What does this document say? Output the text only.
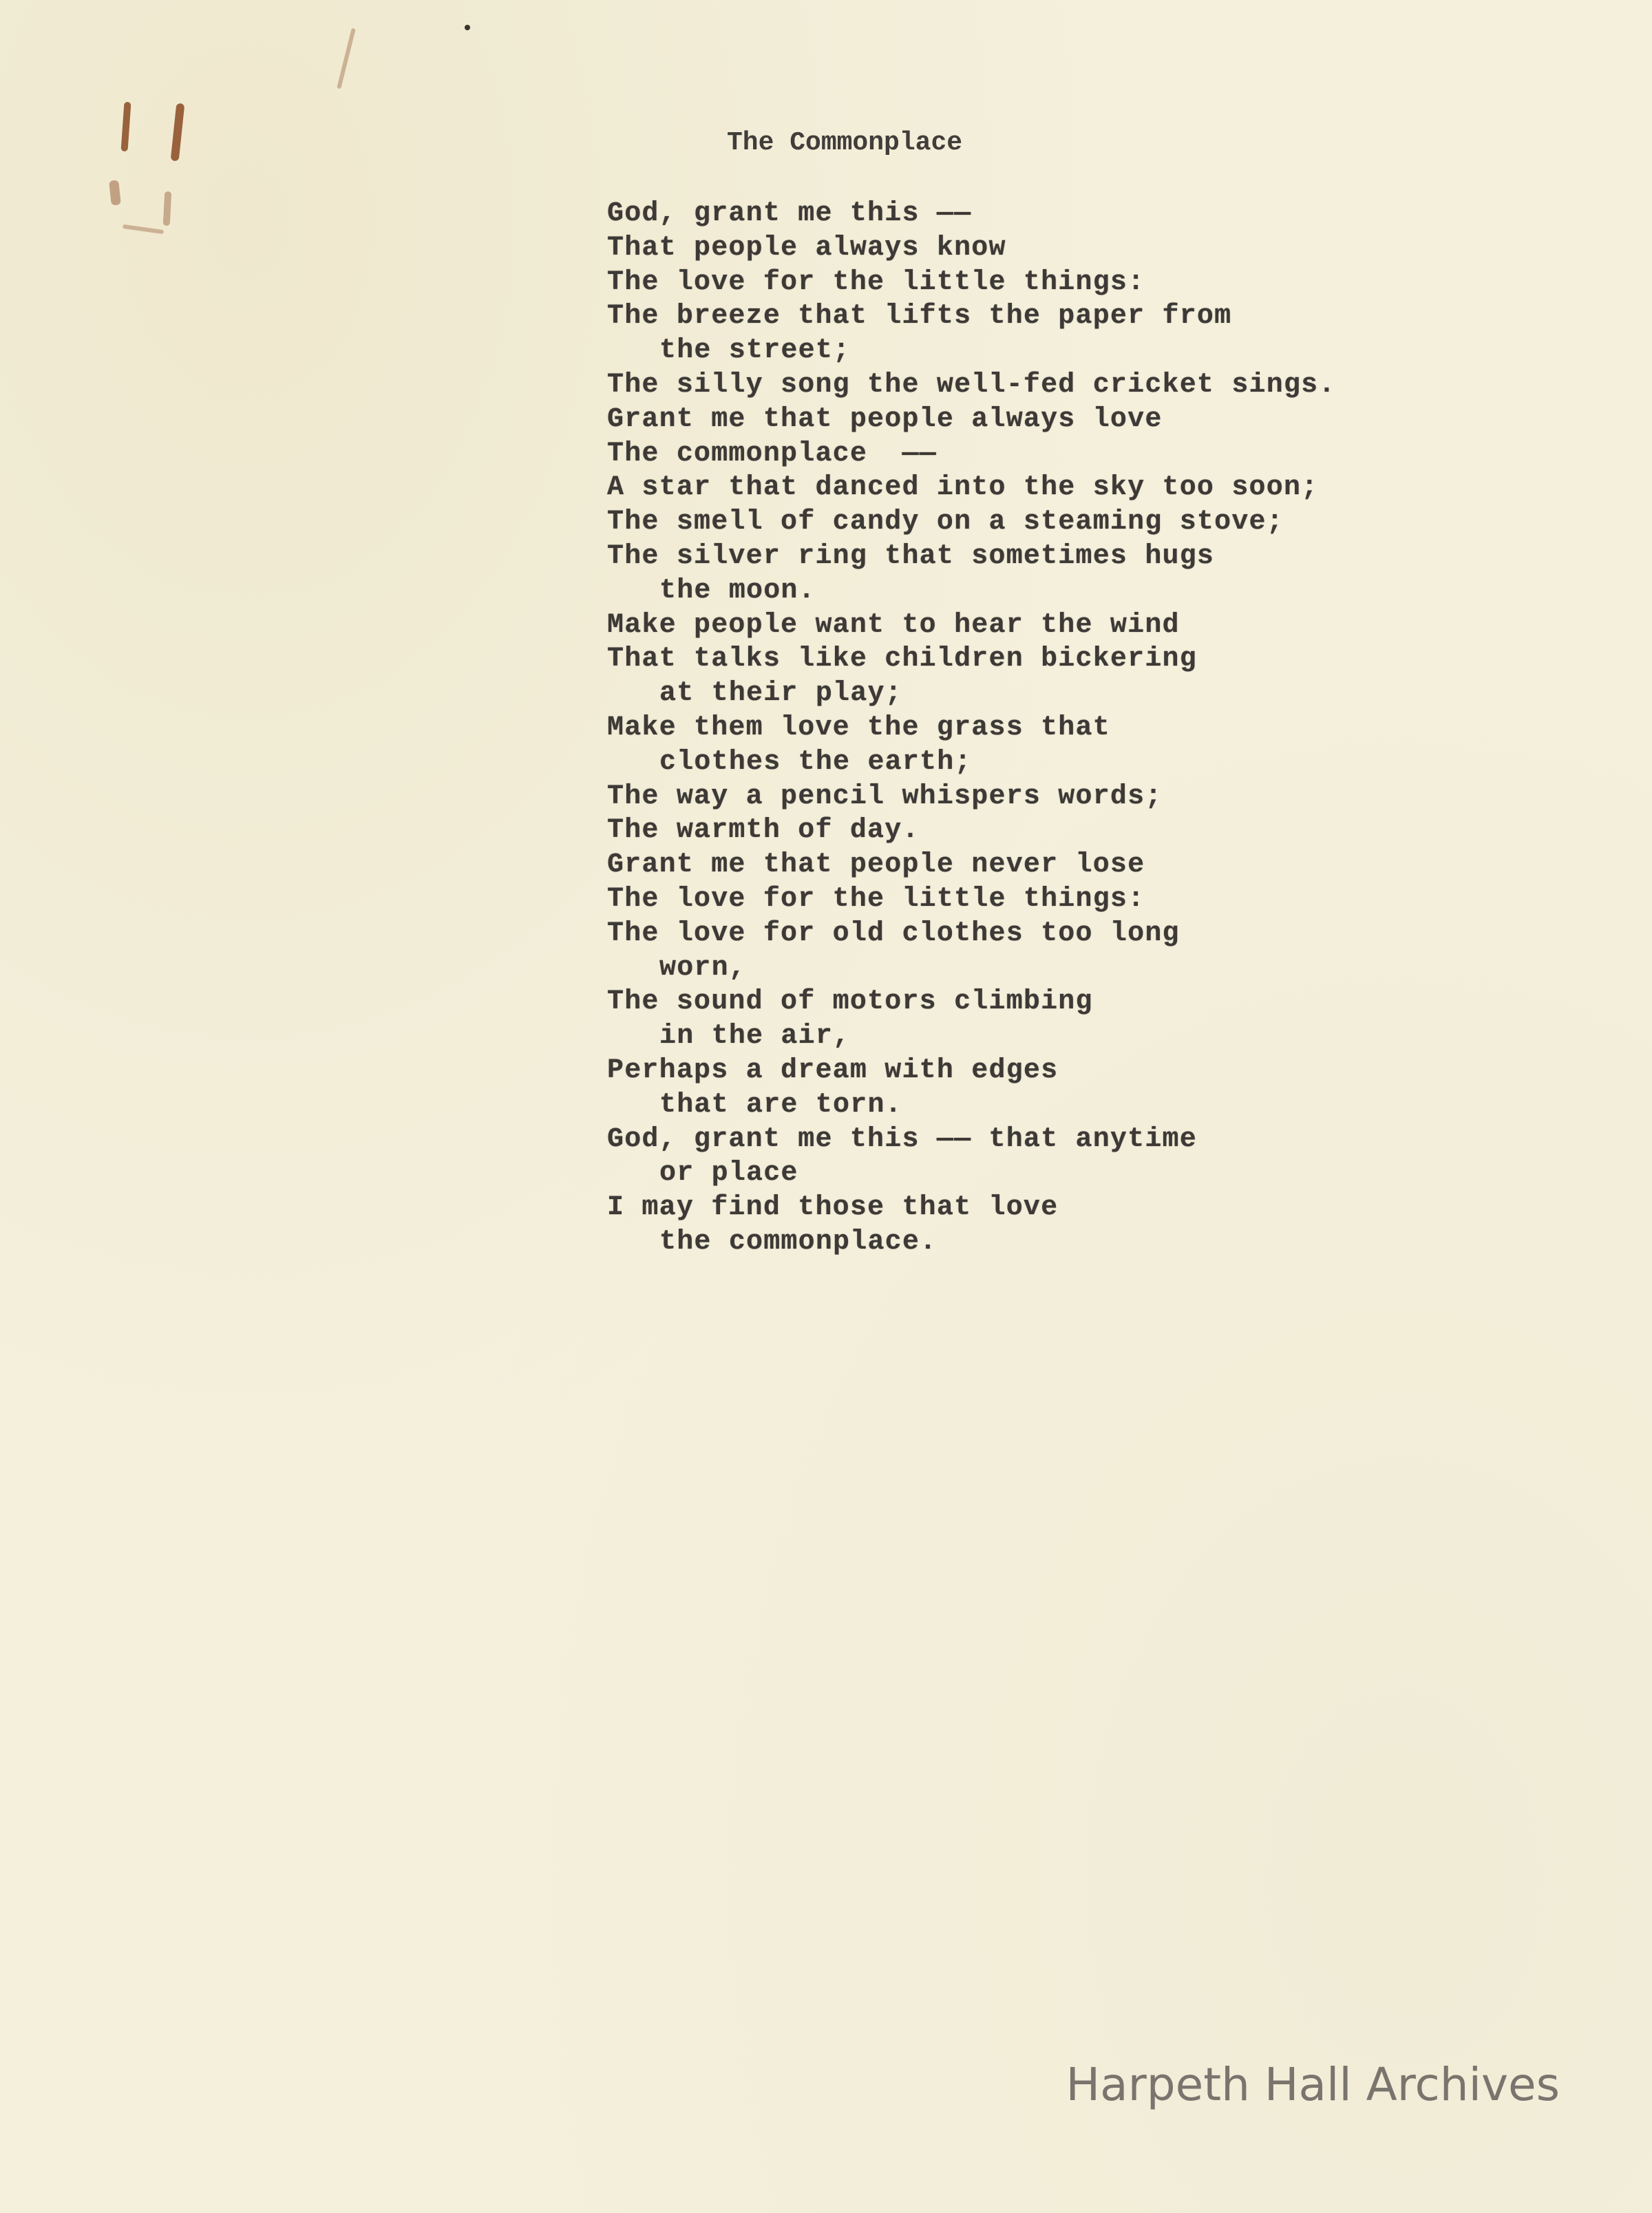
The Commonplace
God, grant me this ——
That people always know
The love for the little things:
The breeze that lifts the paper from
the street;
The silly song the well-fed cricket sings.
Grant me that people always love
The commonplace  ——
A star that danced into the sky too soon;
The smell of candy on a steaming stove;
The silver ring that sometimes hugs
the moon.
Make people want to hear the wind
That talks like children bickering
at their play;
Make them love the grass that
clothes the earth;
The way a pencil whispers words;
The warmth of day.
Grant me that people never lose
The love for the little things:
The love for old clothes too long
worn,
The sound of motors climbing
in the air,
Perhaps a dream with edges
that are torn.
God, grant me this —— that anytime
or place
I may find those that love
the commonplace.
Harpeth Hall Archives
